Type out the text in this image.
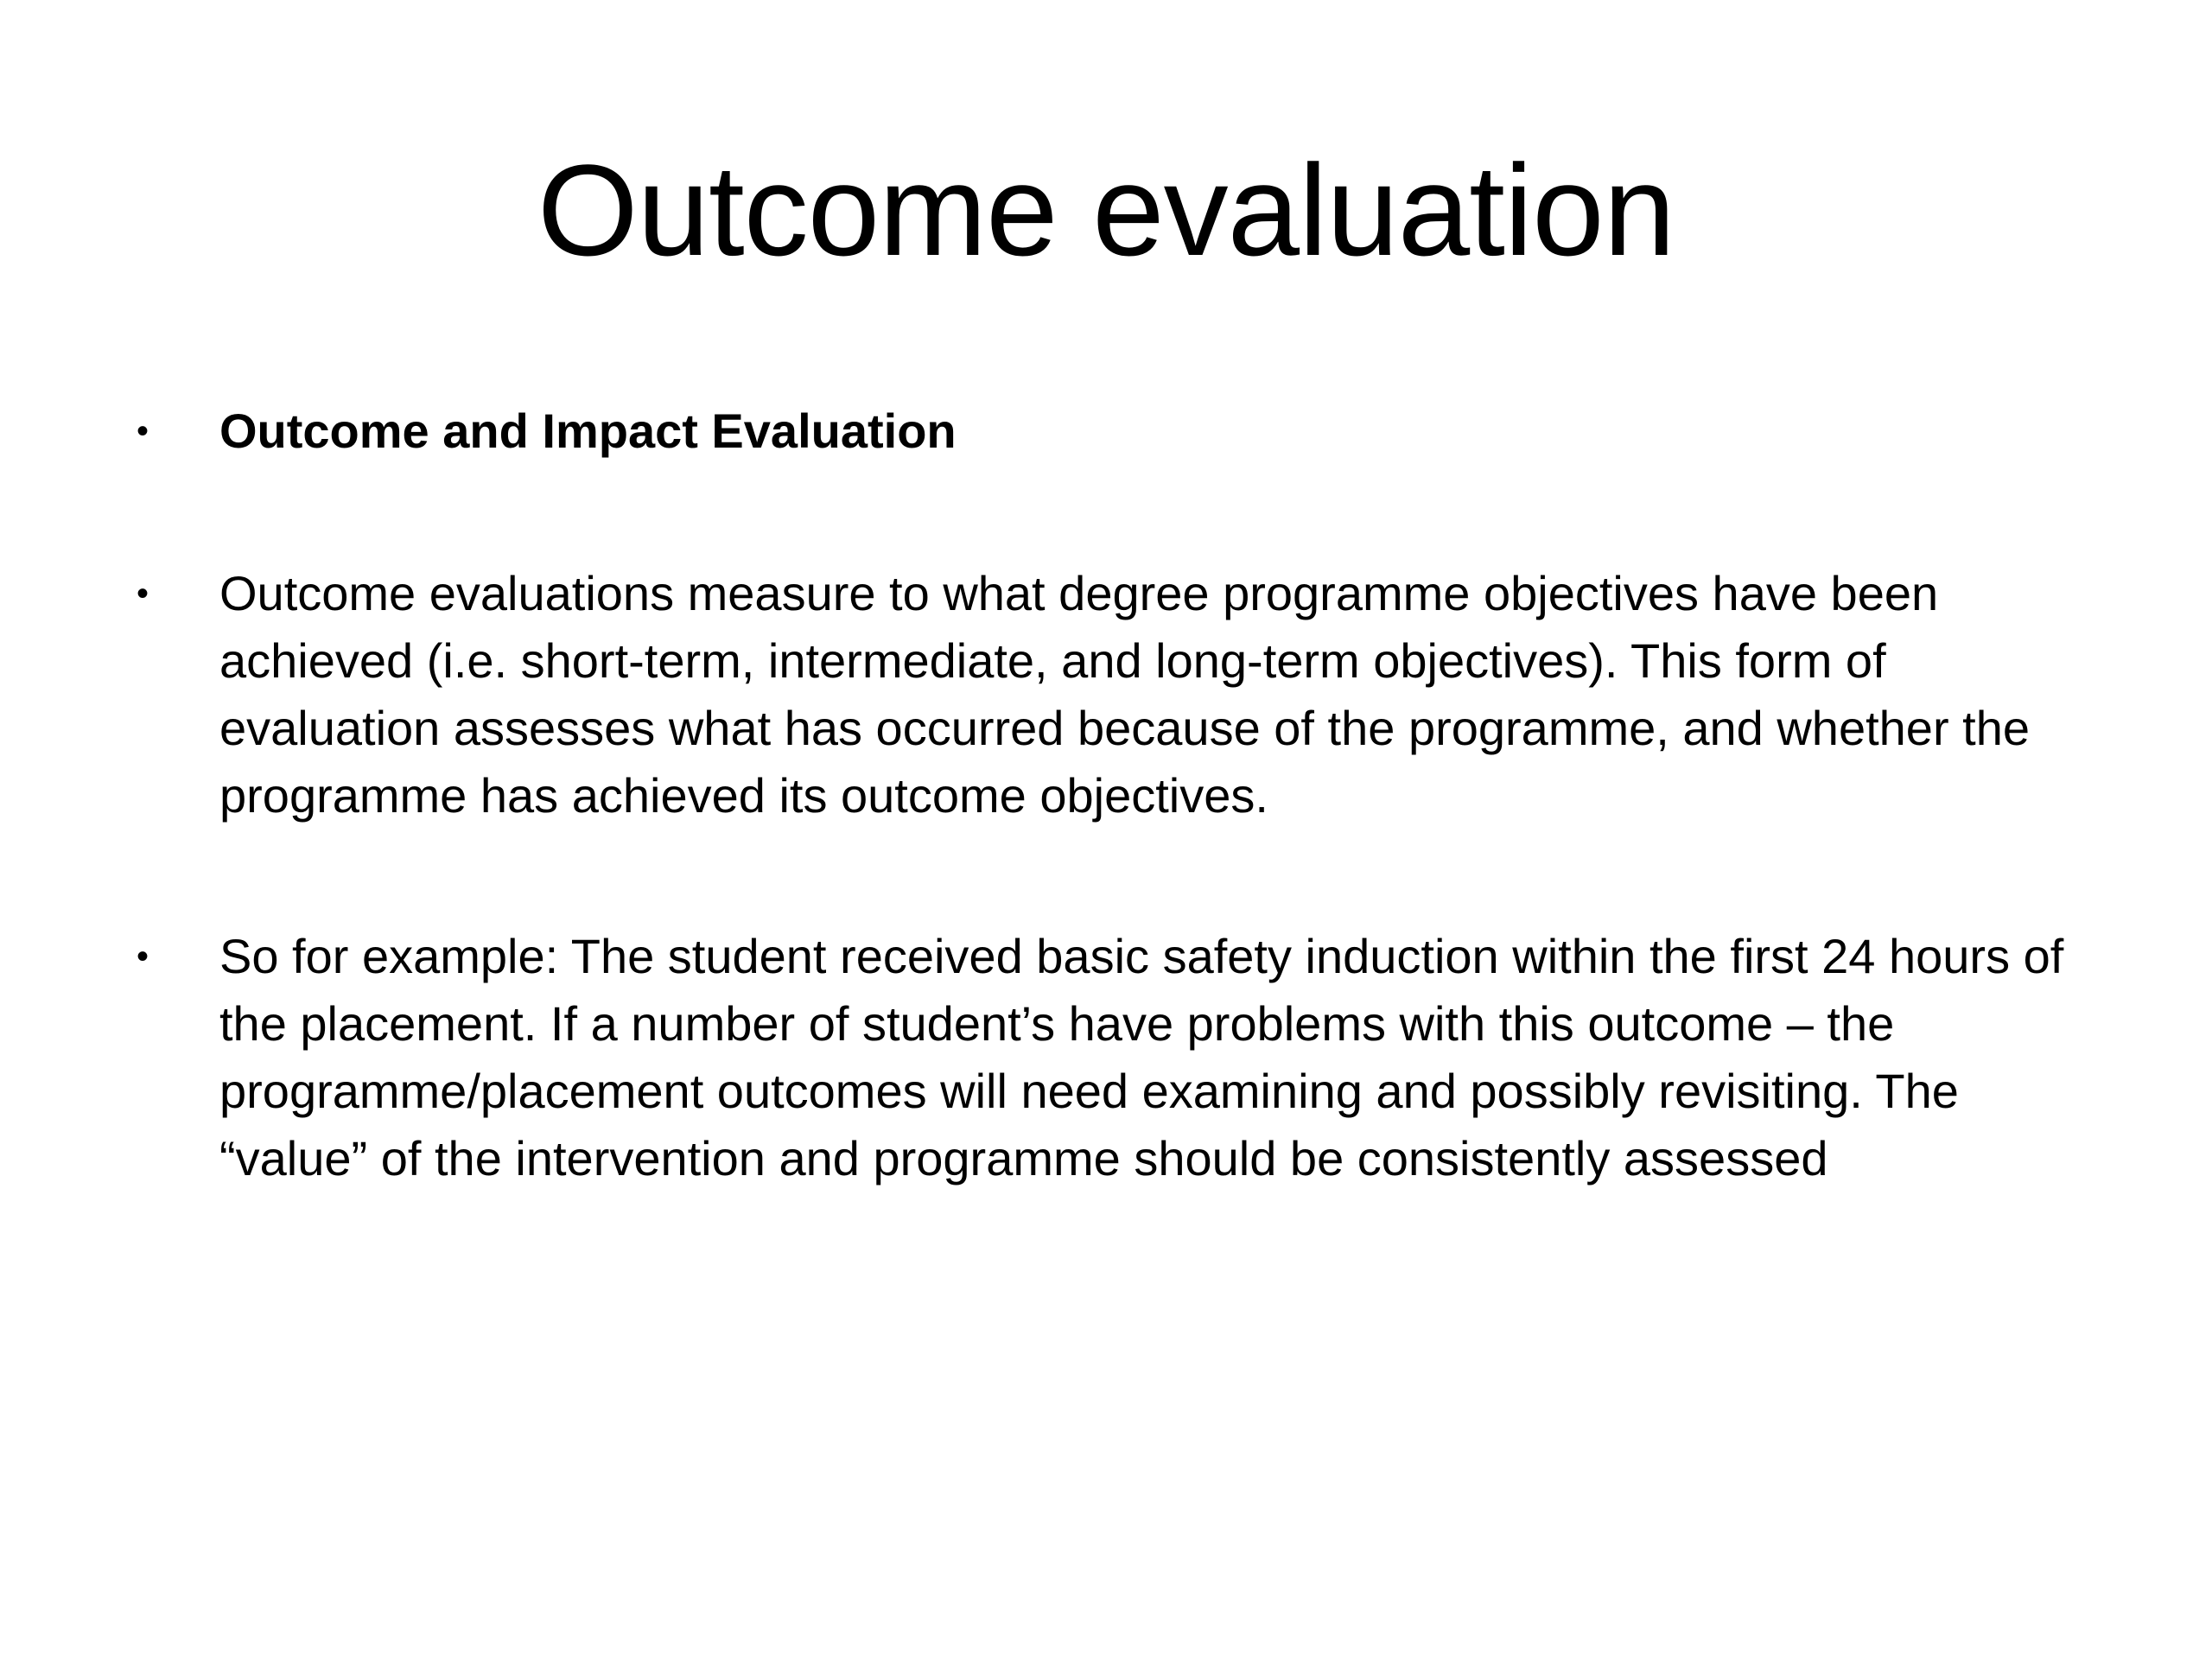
Outcome evaluation
• Outcome and Impact Evaluation
• Outcome evaluations measure to what degree programme objectives have been achieved (i.e. short-term, intermediate, and long-term objectives). This form of evaluation assesses what has occurred because of the programme, and whether the programme has achieved its outcome objectives.
• So for example: The student received basic safety induction within the first 24 hours of the placement. If a number of student’s have problems with this outcome – the programme/placement outcomes will need examining and possibly revisiting. The “value” of the intervention and programme should be consistently assessed
